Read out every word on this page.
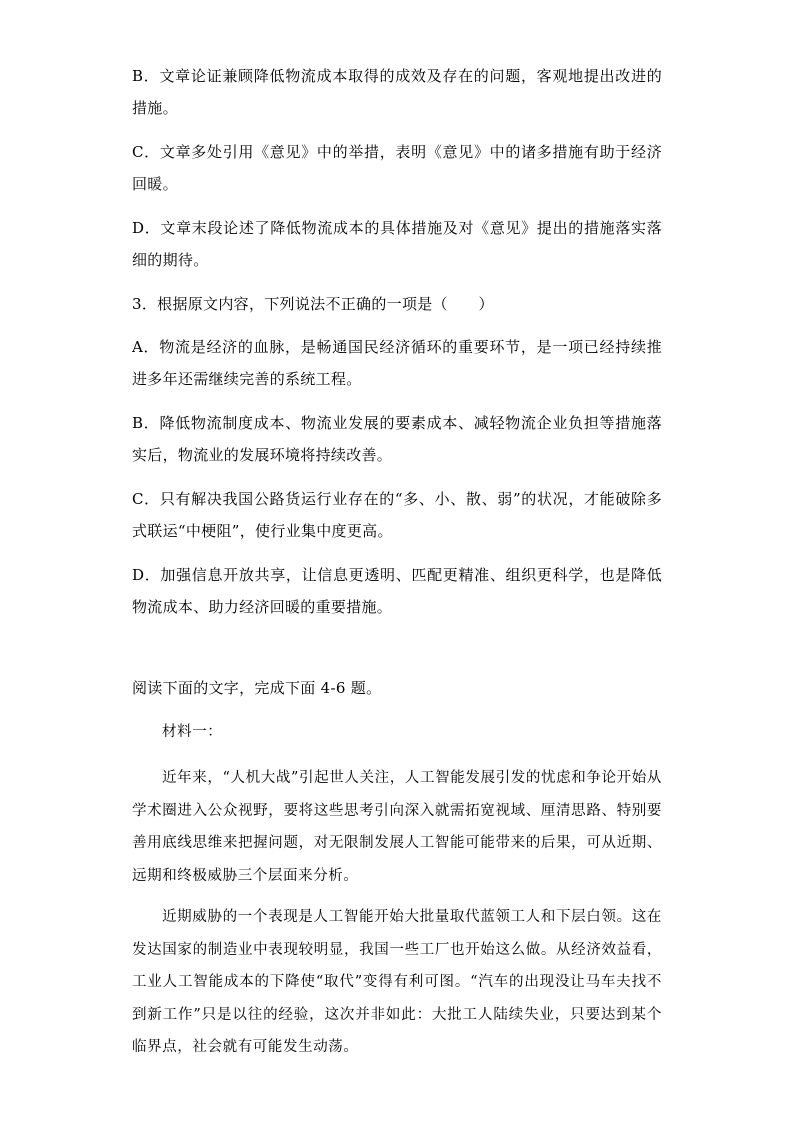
B．文章论证兼顾降低物流成本取得的成效及存在的问题，客观地提出改进的措施。

C．文章多处引用《意见》中的举措，表明《意见》中的诸多措施有助于经济回暖。

D．文章末段论述了降低物流成本的具体措施及对《意见》提出的措施落实落细的期待。

3．根据原文内容，下列说法不正确的一项是（　　）

A．物流是经济的血脉，是畅通国民经济循环的重要环节，是一项已经持续推进多年还需继续完善的系统工程。

B．降低物流制度成本、物流业发展的要素成本、减轻物流企业负担等措施落实后，物流业的发展环境将持续改善。

C．只有解决我国公路货运行业存在的“多、小、散、弱”的状况，才能破除多式联运“中梗阻”，使行业集中度更高。

D．加强信息开放共享，让信息更透明、匹配更精准、组织更科学，也是降低物流成本、助力经济回暖的重要措施。

阅读下面的文字，完成下面 4-6 题。

材料一：

近年来，“人机大战”引起世人关注，人工智能发展引发的忧虑和争论开始从学术圈进入公众视野，要将这些思考引向深入就需拓宽视域、厘清思路、特别要善用底线思维来把握问题，对无限制发展人工智能可能带来的后果，可从近期、远期和终极威胁三个层面来分析。

近期威胁的一个表现是人工智能开始大批量取代蓝领工人和下层白领。这在发达国家的制造业中表现较明显，我国一些工厂也开始这么做。从经济效益看，工业人工智能成本的下降使“取代”变得有利可图。“汽车的出现没让马车夫找不到新工作”只是以往的经验，这次并非如此：大批工人陆续失业，只要达到某个临界点，社会就有可能发生动荡。
